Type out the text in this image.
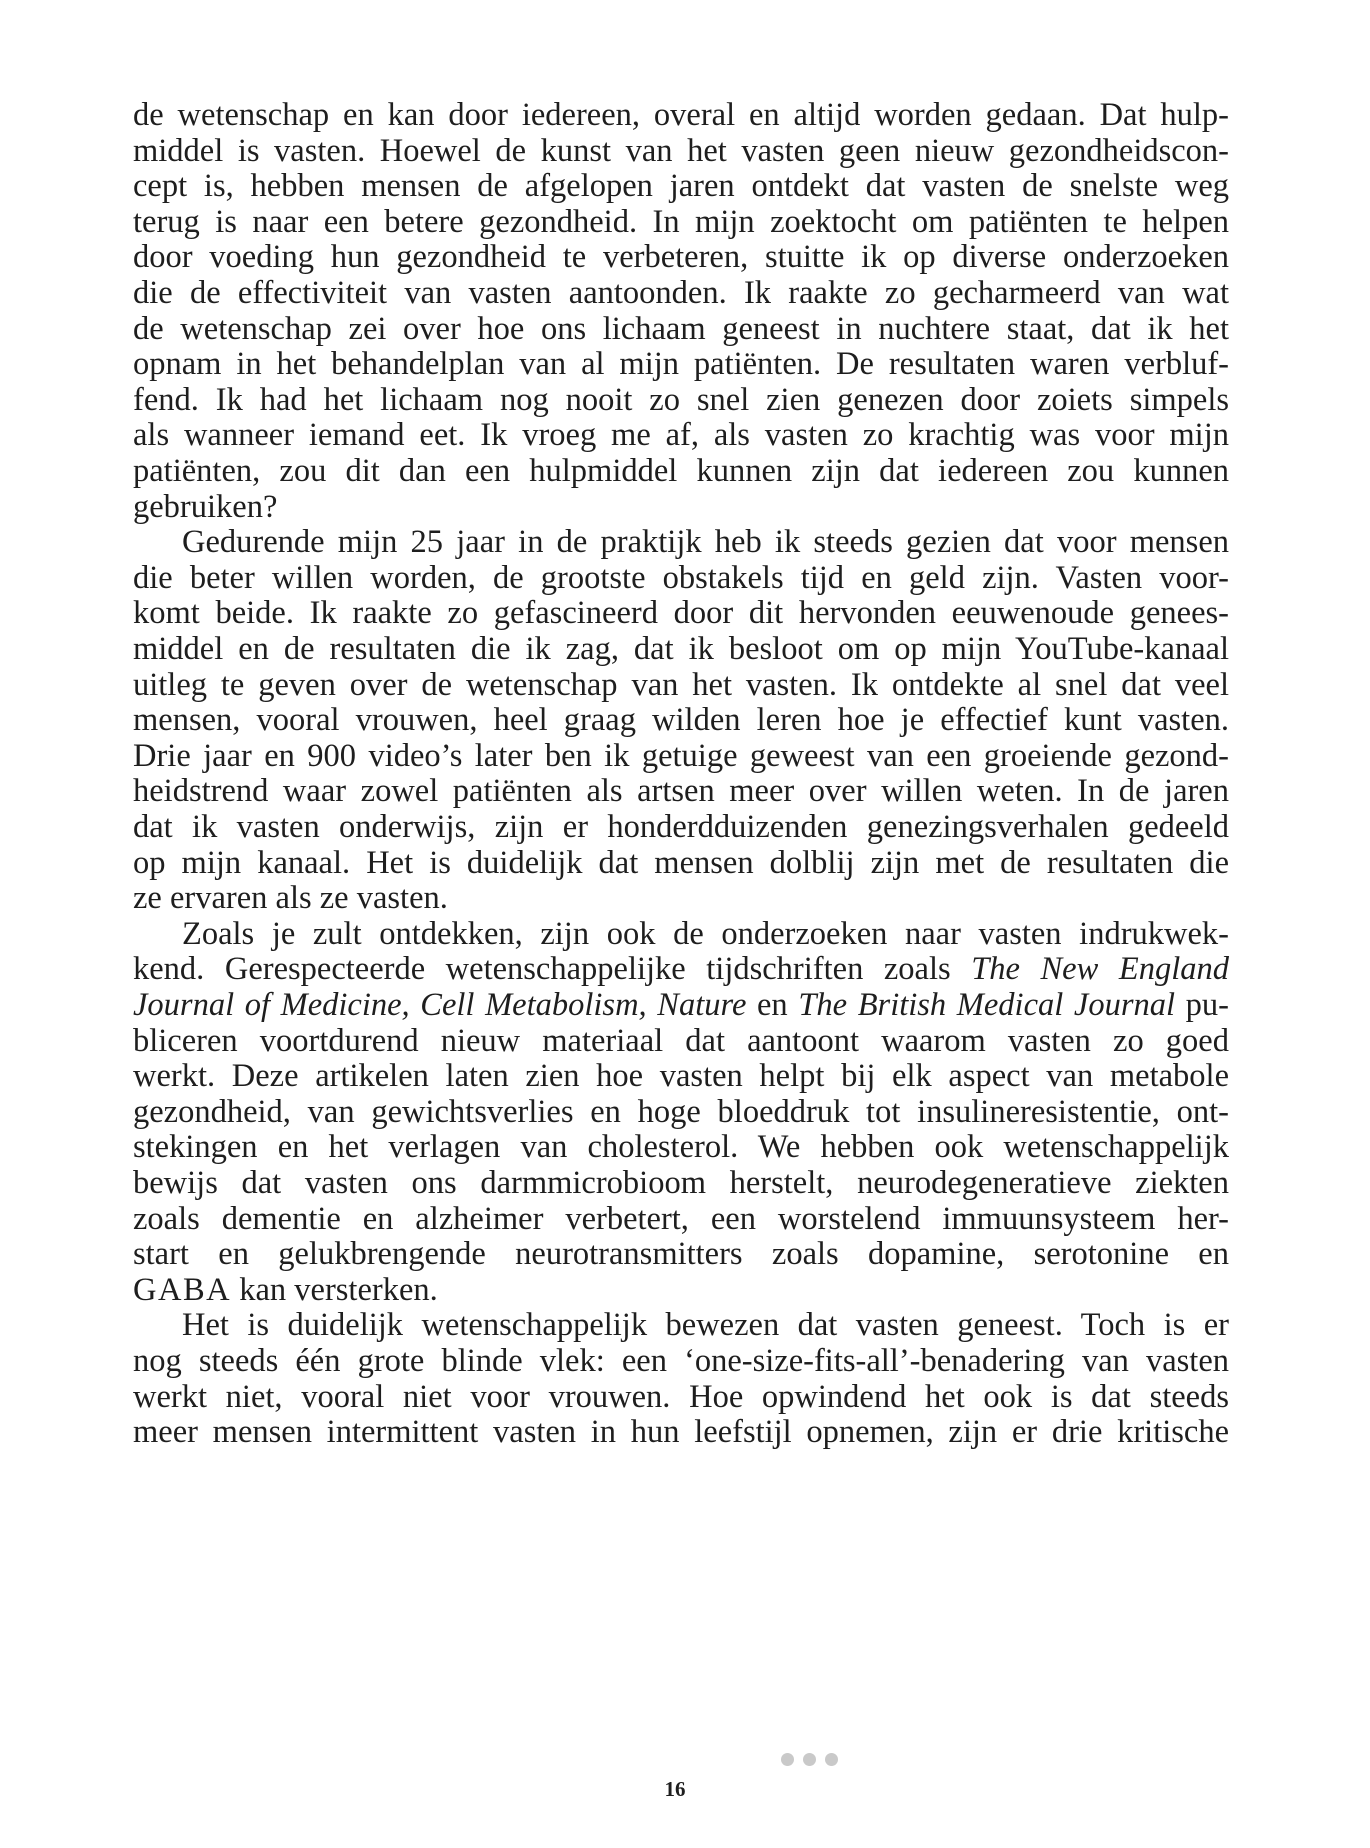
de wetenschap en kan door iedereen, overal en altijd worden gedaan. Dat hulp-
middel is vasten. Hoewel de kunst van het vasten geen nieuw gezondheidscon-
cept is, hebben mensen de afgelopen jaren ontdekt dat vasten de snelste weg
terug is naar een betere gezondheid. In mijn zoektocht om patiënten te helpen
door voeding hun gezondheid te verbeteren, stuitte ik op diverse onderzoeken
die de effectiviteit van vasten aantoonden. Ik raakte zo gecharmeerd van wat
de wetenschap zei over hoe ons lichaam geneest in nuchtere staat, dat ik het
opnam in het behandelplan van al mijn patiënten. De resultaten waren verbluf-
fend. Ik had het lichaam nog nooit zo snel zien genezen door zoiets simpels
als wanneer iemand eet. Ik vroeg me af, als vasten zo krachtig was voor mijn
patiënten, zou dit dan een hulpmiddel kunnen zijn dat iedereen zou kunnen
gebruiken?
Gedurende mijn 25 jaar in de praktijk heb ik steeds gezien dat voor mensen
die beter willen worden, de grootste obstakels tijd en geld zijn. Vasten voor-
komt beide. Ik raakte zo gefascineerd door dit hervonden eeuwenoude genees-
middel en de resultaten die ik zag, dat ik besloot om op mijn YouTube-kanaal
uitleg te geven over de wetenschap van het vasten. Ik ontdekte al snel dat veel
mensen, vooral vrouwen, heel graag wilden leren hoe je effectief kunt vasten.
Drie jaar en 900 video’s later ben ik getuige geweest van een groeiende gezond-
heidstrend waar zowel patiënten als artsen meer over willen weten. In de jaren
dat ik vasten onderwijs, zijn er honderdduizenden genezingsverhalen gedeeld
op mijn kanaal. Het is duidelijk dat mensen dolblij zijn met de resultaten die
ze ervaren als ze vasten.
Zoals je zult ontdekken, zijn ook de onderzoeken naar vasten indrukwek-
kend. Gerespecteerde wetenschappelijke tijdschriften zoals The New England
Journal of Medicine, Cell Metabolism, Nature en The British Medical Journal pu-
bliceren voortdurend nieuw materiaal dat aantoont waarom vasten zo goed
werkt. Deze artikelen laten zien hoe vasten helpt bij elk aspect van metabole
gezondheid, van gewichtsverlies en hoge bloeddruk tot insulineresistentie, ont-
stekingen en het verlagen van cholesterol. We hebben ook wetenschappelijk
bewijs dat vasten ons darmmicrobioom herstelt, neurodegeneratieve ziekten
zoals dementie en alzheimer verbetert, een worstelend immuunsysteem her-
start en gelukbrengende neurotransmitters zoals dopamine, serotonine en
GABA kan versterken.
Het is duidelijk wetenschappelijk bewezen dat vasten geneest. Toch is er
nog steeds één grote blinde vlek: een ‘one-size-fits-all’-benadering van vasten
werkt niet, vooral niet voor vrouwen. Hoe opwindend het ook is dat steeds
meer mensen intermittent vasten in hun leefstijl opnemen, zijn er drie kritische
16
